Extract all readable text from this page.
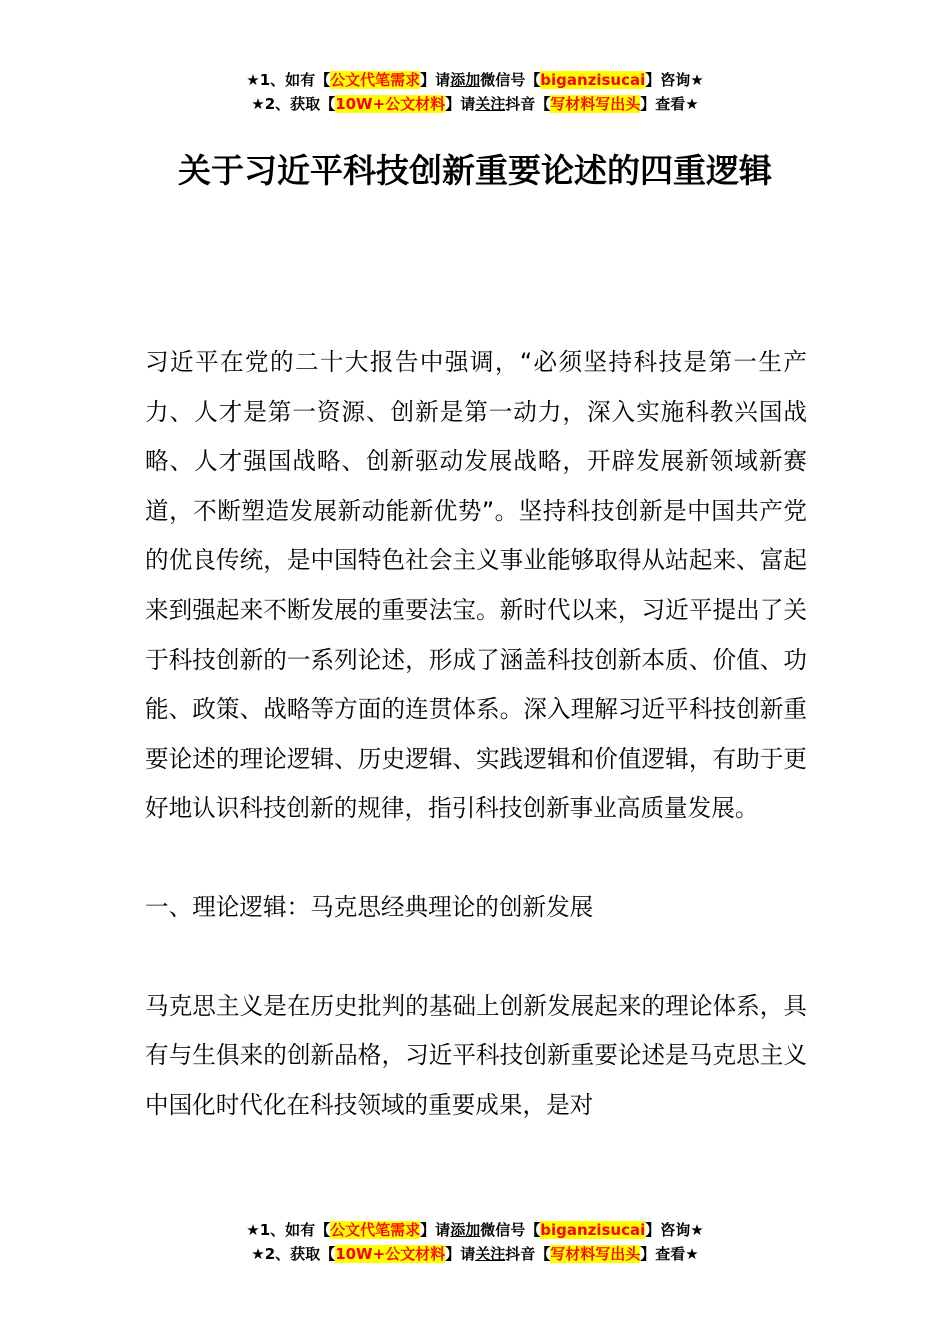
★1、如有【公文代笔需求】请添加微信号【biganzisucai】咨询★
★2、获取【10W+公文材料】请关注抖音【写材料写出头】查看★
关于习近平科技创新重要论述的四重逻辑

习近平在党的二十大报告中强调，“必须坚持科技是第一生产力、人才是第一资源、创新是第一动力，深入实施科教兴国战略、人才强国战略、创新驱动发展战略，开辟发展新领域新赛道，不断塑造发展新动能新优势”。坚持科技创新是中国共产党的优良传统，是中国特色社会主义事业能够取得从站起来、富起来到强起来不断发展的重要法宝。新时代以来，习近平提出了关于科技创新的一系列论述，形成了涵盖科技创新本质、价值、功能、政策、战略等方面的连贯体系。深入理解习近平科技创新重要论述的理论逻辑、历史逻辑、实践逻辑和价值逻辑，有助于更好地认识科技创新的规律，指引科技创新事业高质量发展。

一、理论逻辑：马克思经典理论的创新发展

马克思主义是在历史批判的基础上创新发展起来的理论体系，具有与生俱来的创新品格，习近平科技创新重要论述是马克思主义中国化时代化在科技领域的重要成果，是对

★1、如有【公文代笔需求】请添加微信号【biganzisucai】咨询★
★2、获取【10W+公文材料】请关注抖音【写材料写出头】查看★
